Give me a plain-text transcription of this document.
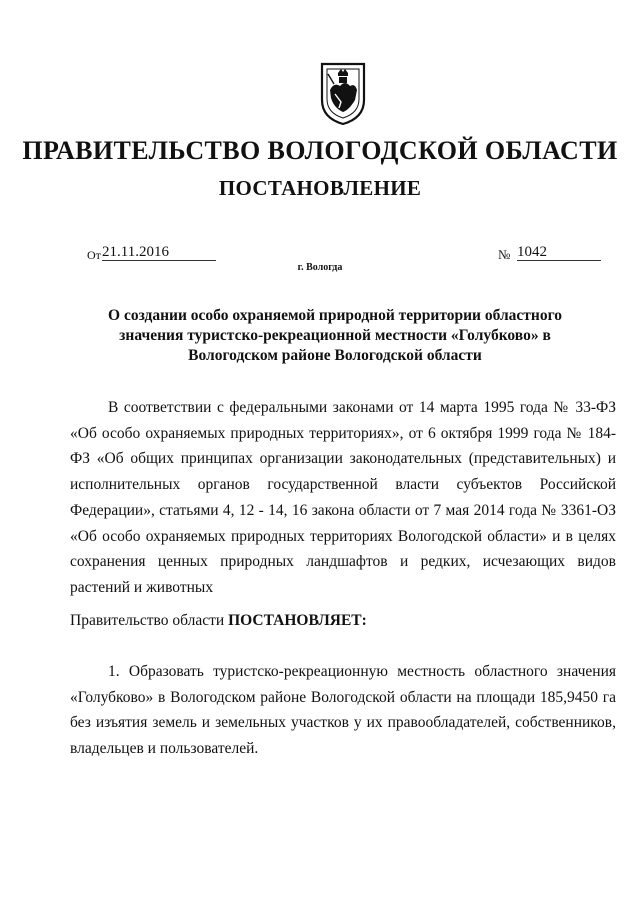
ПРАВИТЕЛЬСТВО ВОЛОГОДСКОЙ ОБЛАСТИ
ПОСТАНОВЛЕНИЕ
От 21.11.2016	№ 1042
г. Вологда
О создании особо охраняемой природной территории областного значения туристско-рекреационной местности «Голубково» в Вологодском районе Вологодской области
В соответствии с федеральными законами от 14 марта 1995 года № 33-ФЗ «Об особо охраняемых природных территориях», от 6 октября 1999 года № 184-ФЗ «Об общих принципах организации законодательных (представительных) и исполнительных органов государственной власти субъектов Российской Федерации», статьями 4, 12 - 14, 16 закона области от 7 мая 2014 года № 3361-ОЗ «Об особо охраняемых природных территориях Вологодской области» и в целях сохранения ценных природных ландшафтов и редких, исчезающих видов растений и животных
Правительство области ПОСТАНОВЛЯЕТ:
1. Образовать туристско-рекреационную местность областного значения «Голубково» в Вологодском районе Вологодской области на площади 185,9450 га без изъятия земель и земельных участков у их правообладателей, собственников, владельцев и пользователей.
